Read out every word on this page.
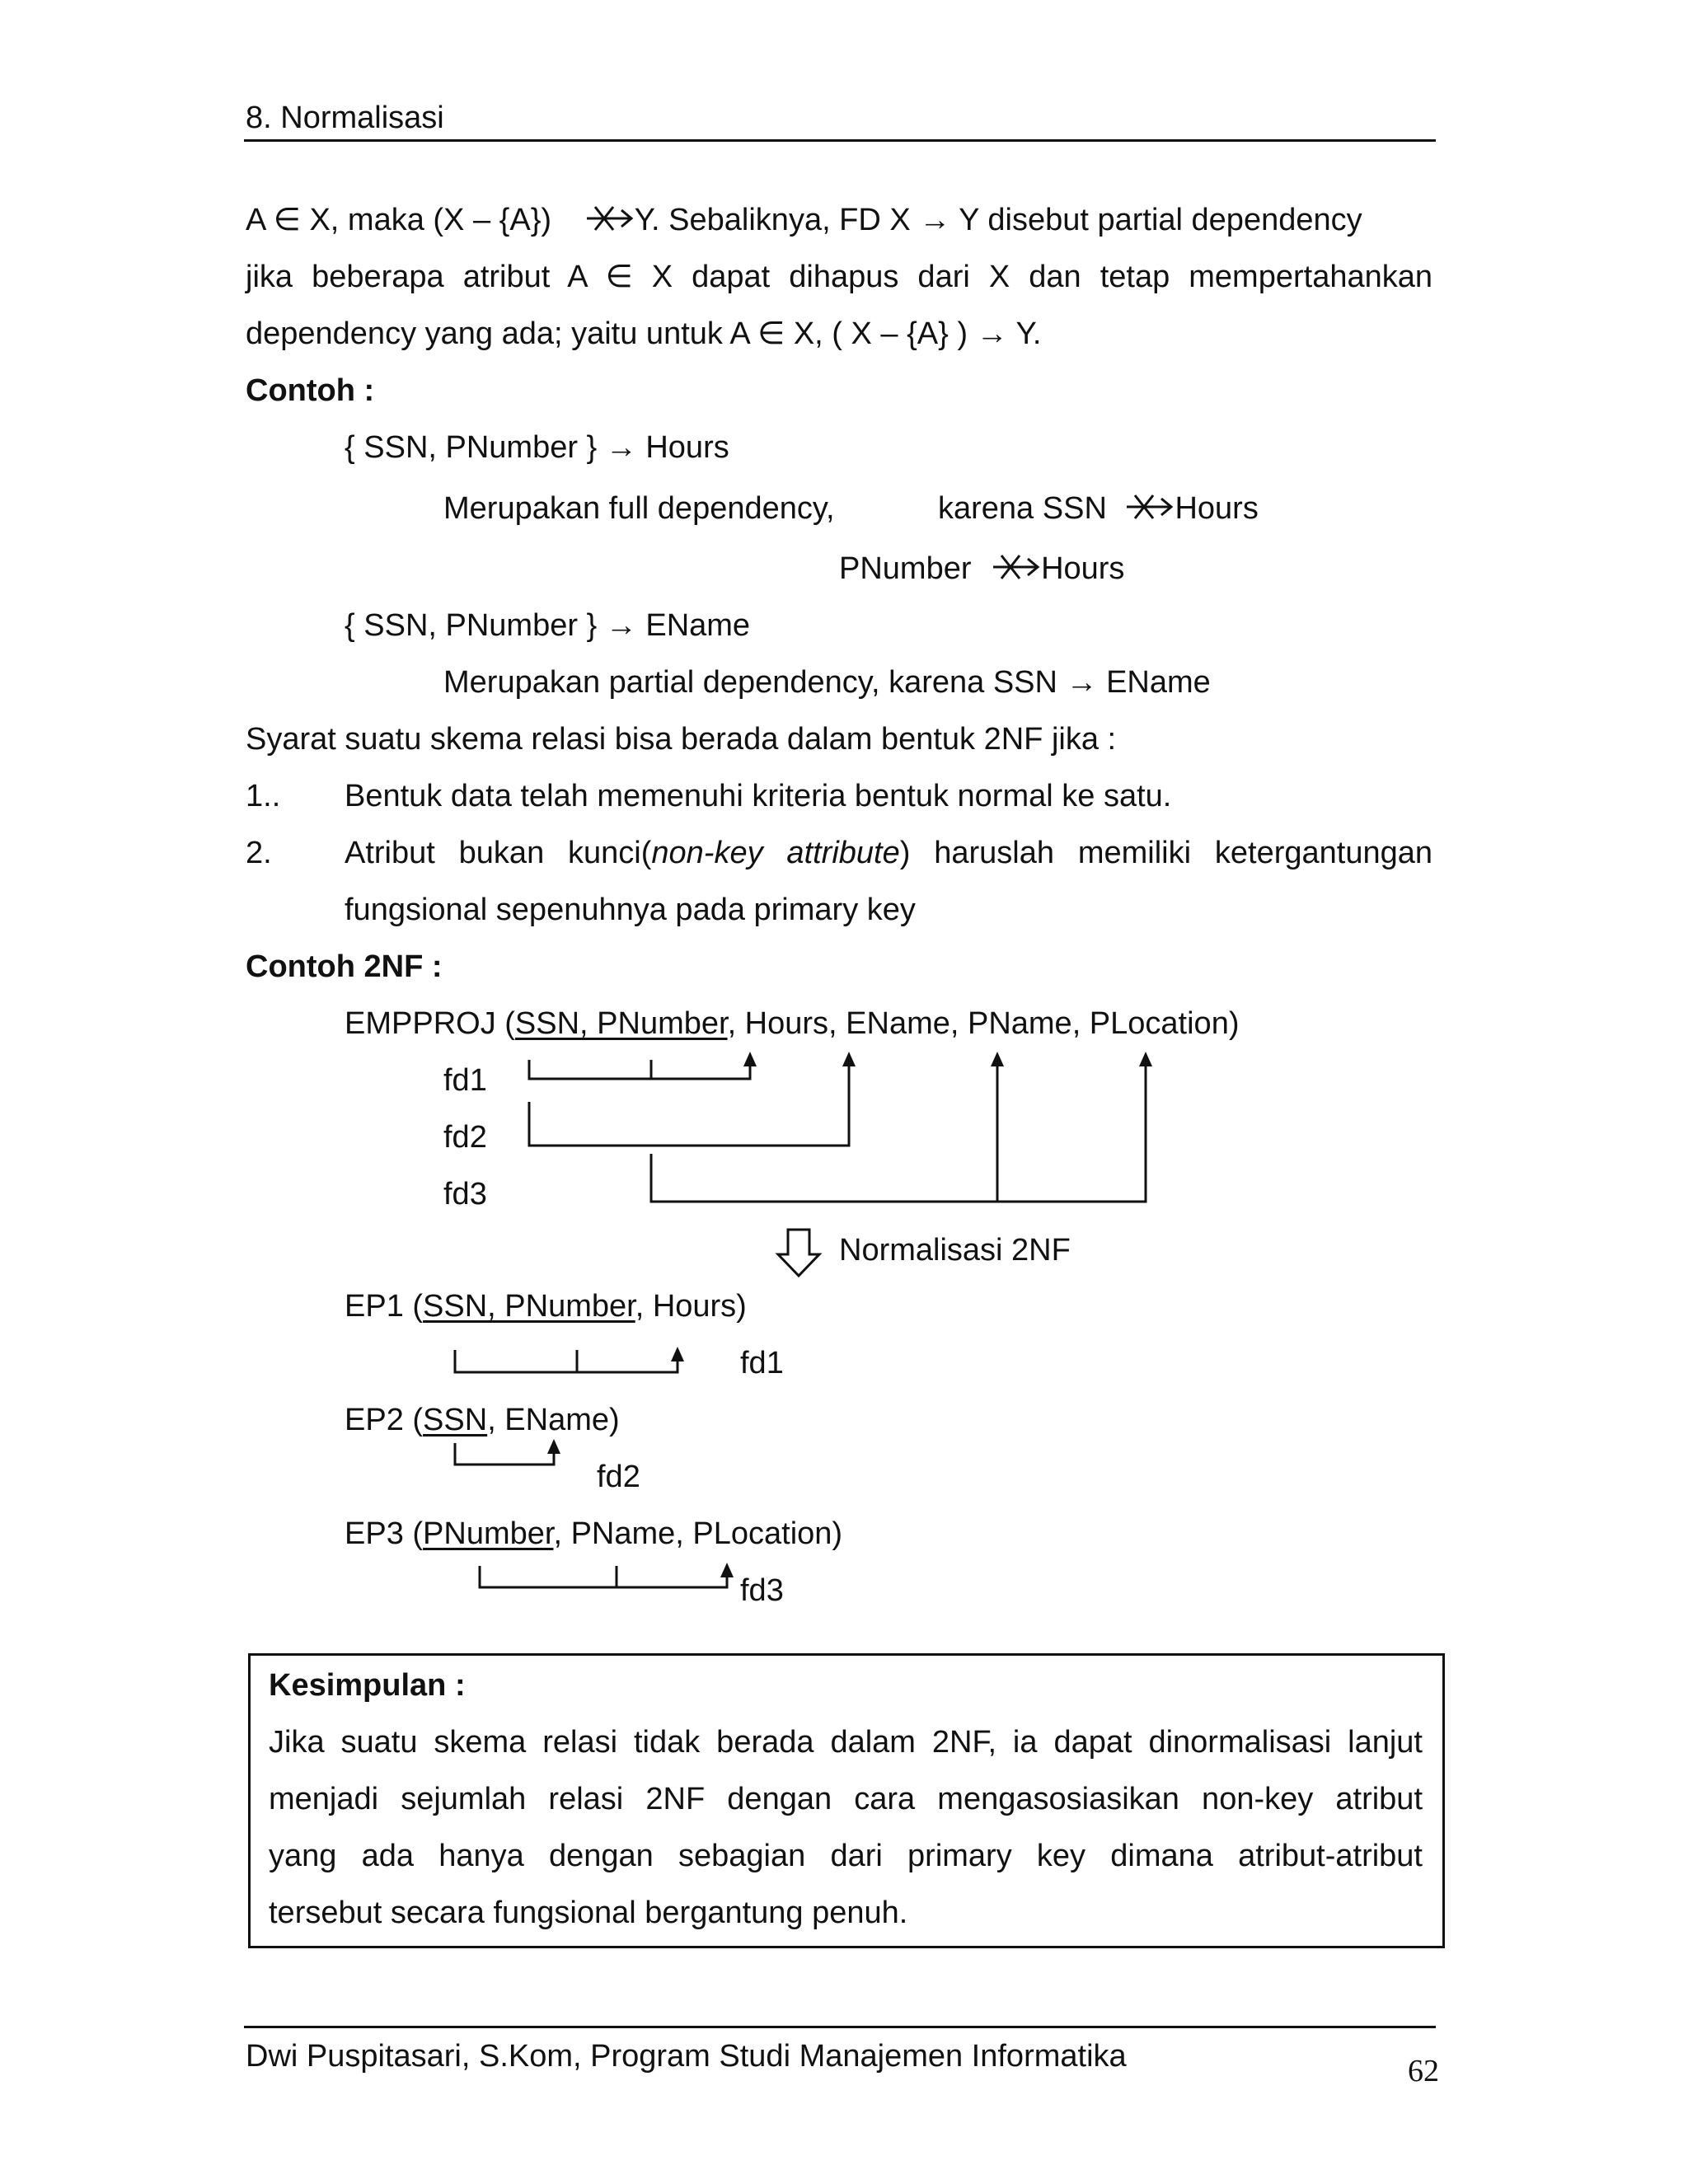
8. Normalisasi
A ∈ X, maka (X – {A})	Y. Sebaliknya, FD X → Y disebut partial dependency
jika beberapa atribut A ∈ X dapat dihapus dari X dan tetap mempertahankan
dependency yang ada; yaitu untuk A ∈ X, ( X – {A} ) → Y.
Contoh :
{ SSN, PNumber } → Hours
Merupakan full dependency,	karena SSN Hours
PNumber Hours
{ SSN, PNumber } → EName
Merupakan partial dependency, karena SSN → EName
Syarat suatu skema relasi bisa berada dalam bentuk 2NF jika :
1.. Bentuk data telah memenuhi kriteria bentuk normal ke satu.
2. Atribut bukan kunci(non-key attribute) haruslah memiliki ketergantungan
fungsional sepenuhnya pada primary key
Contoh 2NF :
EMPPROJ (SSN, PNumber, Hours, EName, PName, PLocation)
fd1
fd2
fd3
Normalisasi 2NF
EP1 (SSN, PNumber, Hours)
fd1
EP2 (SSN, EName)
fd2
EP3 (PNumber, PName, PLocation)
fd3
Kesimpulan :
Jika suatu skema relasi tidak berada dalam 2NF, ia dapat dinormalisasi lanjut
menjadi sejumlah relasi 2NF dengan cara mengasosiasikan non-key atribut
yang ada hanya dengan sebagian dari primary key dimana atribut-atribut
tersebut secara fungsional bergantung penuh.
Dwi Puspitasari, S.Kom, Program Studi Manajemen Informatika	62
